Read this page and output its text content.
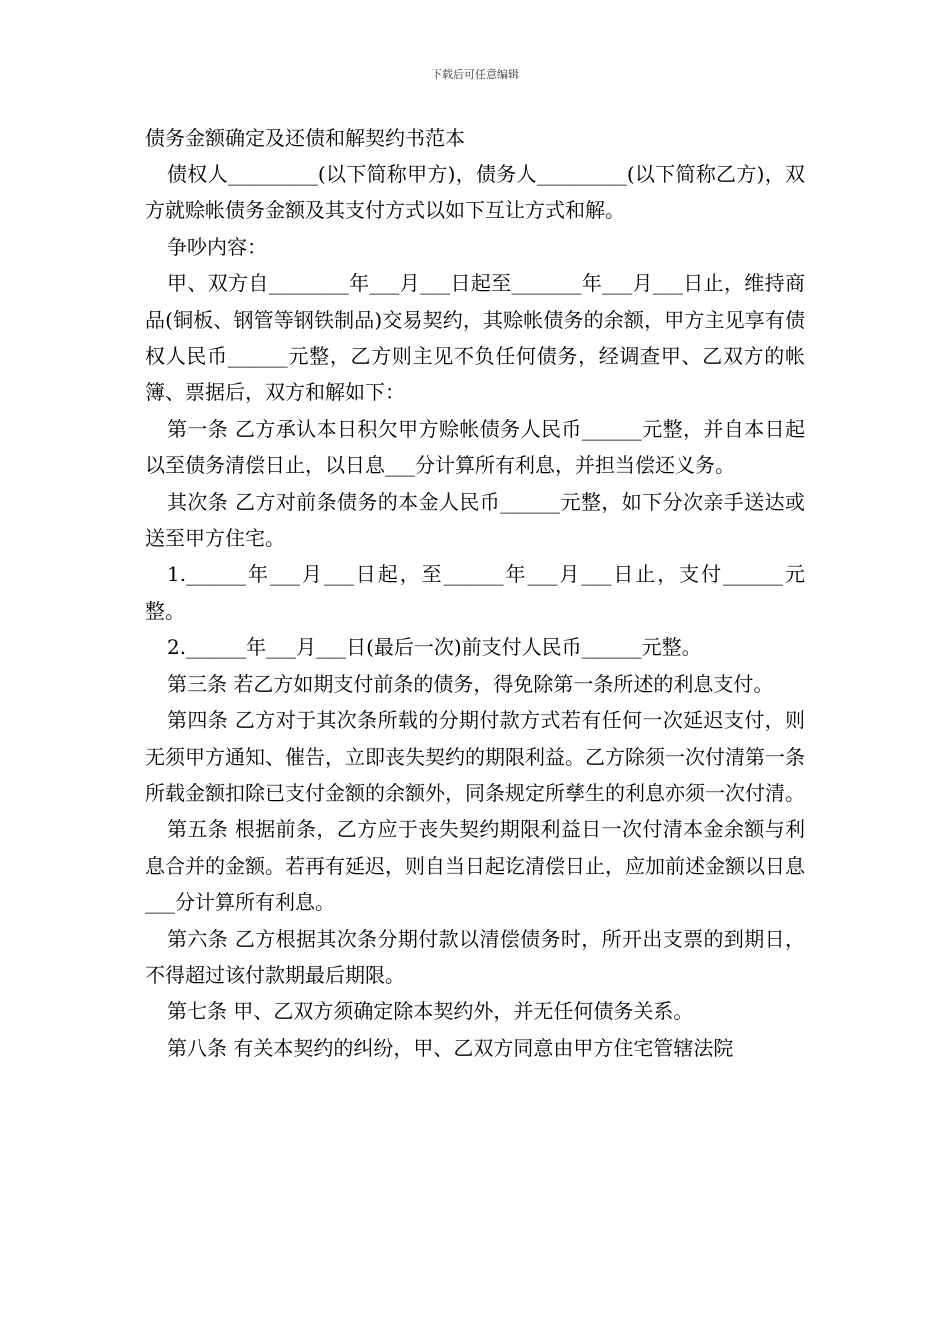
下载后可任意编辑

债务金额确定及还债和解契约书范本

债权人_________(以下简称甲方)，债务人_________(以下简称乙方)，双方就赊帐债务金额及其支付方式以如下互让方式和解。

争吵内容：

甲、双方自________年___月___日起至_______年___月___日止，维持商品(铜板、钢管等钢铁制品)交易契约，其赊帐债务的余额，甲方主见享有债权人民币______元整，乙方则主见不负任何债务，经调查甲、乙双方的帐簿、票据后，双方和解如下：

第一条 乙方承认本日积欠甲方赊帐债务人民币______元整，并自本日起以至债务清偿日止，以日息___分计算所有利息，并担当偿还义务。

其次条 乙方对前条债务的本金人民币______元整，如下分次亲手送达或送至甲方住宅。

1.______年___月___日起，至______年___月___日止，支付______元整。

2.______年___月___日(最后一次)前支付人民币______元整。

第三条 若乙方如期支付前条的债务，得免除第一条所述的利息支付。

第四条 乙方对于其次条所载的分期付款方式若有任何一次延迟支付，则无须甲方通知、催告，立即丧失契约的期限利益。乙方除须一次付清第一条所载金额扣除已支付金额的余额外，同条规定所孳生的利息亦须一次付清。

第五条 根据前条，乙方应于丧失契约期限利益日一次付清本金余额与利息合并的金额。若再有延迟，则自当日起讫清偿日止，应加前述金额以日息___分计算所有利息。

第六条 乙方根据其次条分期付款以清偿债务时，所开出支票的到期日，不得超过该付款期最后期限。

第七条 甲、乙双方须确定除本契约外，并无任何债务关系。

第八条 有关本契约的纠纷，甲、乙双方同意由甲方住宅管辖法院
